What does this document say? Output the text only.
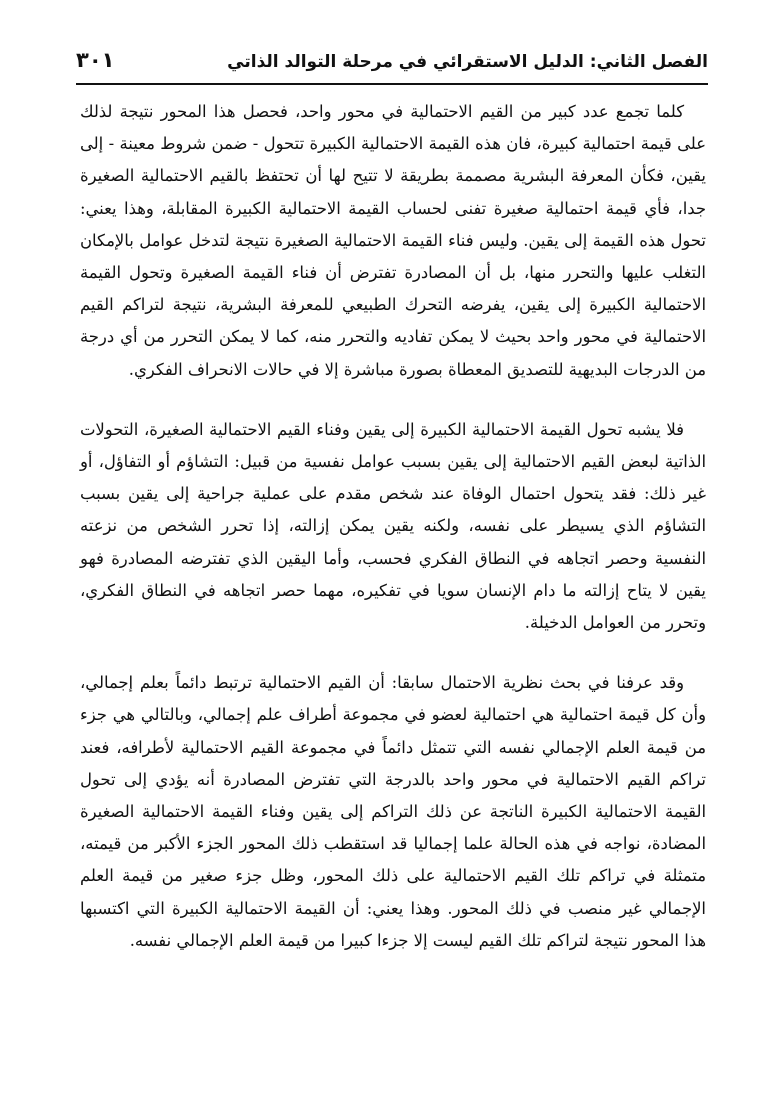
الفصل الثاني: الدليل الاستقرائي في مرحلة التوالد الذاتي
٣٠١

كلما تجمع عدد كبير من القيم الاحتمالية في محور واحد، فحصل هذا المحور نتيجة لذلك على قيمة احتمالية كبيرة، فان هذه القيمة الاحتمالية الكبيرة تتحول - ضمن شروط معينة - إلى يقين، فكأن المعرفة البشرية مصممة بطريقة لا تتيح لها أن تحتفظ بالقيم الاحتمالية الصغيرة جدا، فأي قيمة احتمالية صغيرة تفنى لحساب القيمة الاحتمالية الكبيرة المقابلة، وهذا يعني: تحول هذه القيمة إلى يقين. وليس فناء القيمة الاحتمالية الصغيرة نتيجة لتدخل عوامل بالإمكان التغلب عليها والتحرر منها، بل أن المصادرة تفترض أن فناء القيمة الصغيرة وتحول القيمة الاحتمالية الكبيرة إلى يقين، يفرضه التحرك الطبيعي للمعرفة البشرية، نتيجة لتراكم القيم الاحتمالية في محور واحد بحيث لا يمكن تفاديه والتحرر منه، كما لا يمكن التحرر من أي درجة من الدرجات البديهية للتصديق المعطاة بصورة مباشرة إلا في حالات الانحراف الفكري.

فلا يشبه تحول القيمة الاحتمالية الكبيرة إلى يقين وفناء القيم الاحتمالية الصغيرة، التحولات الذاتية لبعض القيم الاحتمالية إلى يقين بسبب عوامل نفسية من قبيل: التشاؤم أو التفاؤل، أو غير ذلك: فقد يتحول احتمال الوفاة عند شخص مقدم على عملية جراحية إلى يقين بسبب التشاؤم الذي يسيطر على نفسه، ولكنه يقين يمكن إزالته، إذا تحرر الشخص من نزعته النفسية وحصر اتجاهه في النطاق الفكري فحسب، وأما اليقين الذي تفترضه المصادرة فهو يقين لا يتاح إزالته ما دام الإنسان سويا في تفكيره، مهما حصر اتجاهه في النطاق الفكري، وتحرر من العوامل الدخيلة.

وقد عرفنا في بحث نظرية الاحتمال سابقا: أن القيم الاحتمالية ترتبط دائماً بعلم إجمالي، وأن كل قيمة احتمالية هي احتمالية لعضو في مجموعة أطراف علم إجمالي، وبالتالي هي جزء من قيمة العلم الإجمالي نفسه التي تتمثل دائماً في مجموعة القيم الاحتمالية لأطرافه، فعند تراكم القيم الاحتمالية في محور واحد بالدرجة التي تفترض المصادرة أنه يؤدي إلى تحول القيمة الاحتمالية الكبيرة الناتجة عن ذلك التراكم إلى يقين وفناء القيمة الاحتمالية الصغيرة المضادة، نواجه في هذه الحالة علما إجماليا قد استقطب ذلك المحور الجزء الأكبر من قيمته، متمثلة في تراكم تلك القيم الاحتمالية على ذلك المحور، وظل جزء صغير من قيمة العلم الإجمالي غير منصب في ذلك المحور. وهذا يعني: أن القيمة الاحتمالية الكبيرة التي اكتسبها هذا المحور نتيجة لتراكم تلك القيم ليست إلا جزءا كبيرا من قيمة العلم الإجمالي نفسه.
